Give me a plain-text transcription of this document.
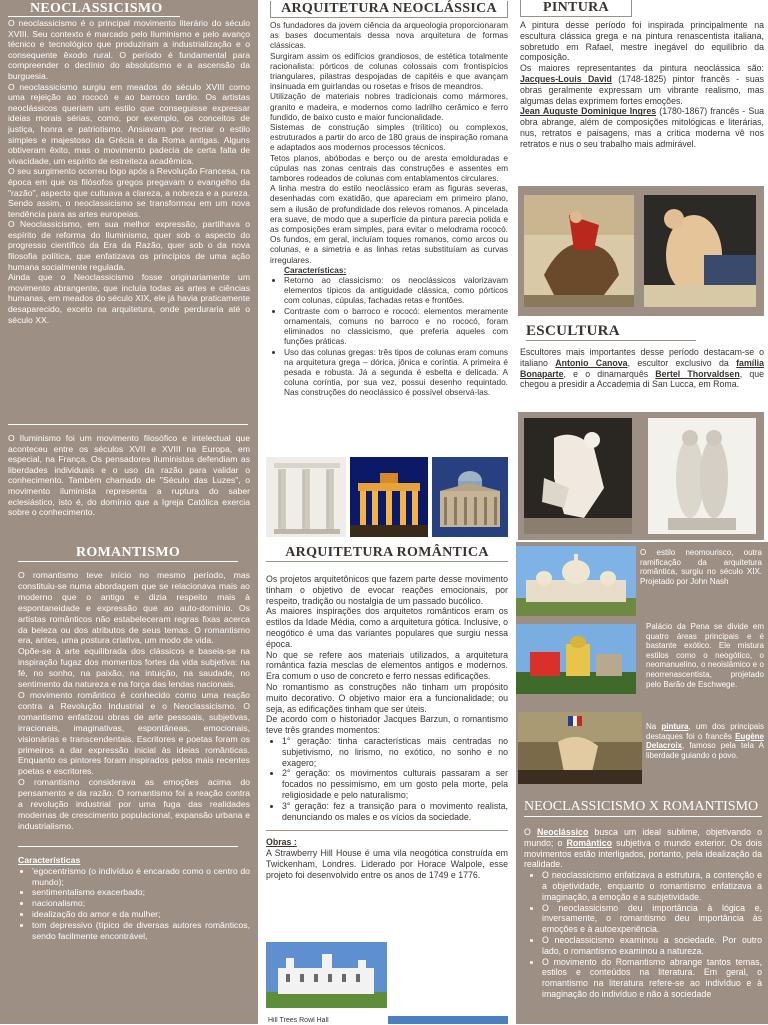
NEOCLASSICISMO

O neoclassicismo é o principal movimento literário do século XVIII. Seu contexto é marcado pelo Iluminismo e pelo avanço técnico e tecnológico que produziram a industrialização e o consequente êxodo rural. O período é fundamental para compreender o declínio do absolutismo e a ascensão da burguesia.

O neoclassicismo surgiu em meados do século XVIII como uma rejeição ao rococó e ao barroco tardio. Os artistas neoclássicos queriam um estilo que conseguisse expressar ideias morais sérias, como, por exemplo, os conceitos de justiça, honra e patriotismo. Ansiavam por recriar o estilo simples e majestoso da Grécia e da Roma antigas. Alguns obtiveram êxito, mas o movimento padecia de certa falta de vivacidade, um espírito de estreiteza acadêmica.

O seu surgimento ocorreu logo após a Revolução Francesa, na época em que os filósofos gregos pregavam o evangelho da "razão", aspecto que cultuava a clareza, a nobreza e a pureza. Sendo assim, o neoclassicismo se transformou em um nova tendência para as artes europeias.

O Neoclassicismo, em sua melhor expressão, partilhava o espírito de reforma do Iluminismo, quer sob o aspecto do progresso científico da Era da Razão, quer sob o da nova filosofia política, que enfatizava os princípios de uma ação humana socialmente regulada.

Ainda que o Neoclassicismo fosse originariamente um movimento abrangente, que incluía todas as artes e ciências humanas, em meados do século XIX, ele já havia praticamente desaparecido, exceto na arquitetura, onde perduraria até o século XX.

O Iluminismo foi um movimento filosófico e intelectual que aconteceu entre os séculos XVII e XVIII na Europa, em especial, na França. Os pensadores iluministas defendiam as liberdades individuais e o uso da razão para validar o conhecimento. Também chamado de "Século das Luzes", o movimento iluminista representa a ruptura do saber eclesiástico, isto é, do domínio que a Igreja Católica exercia sobre o conhecimento.

ARQUITETURA NEOCLÁSSICA

Os fundadores da jovem ciência da arqueologia proporcionaram as bases documentais dessa nova arquitetura de formas clássicas.

Surgiram assim os edifícios grandiosos, de estética totalmente racionalista: pórticos de colunas colossais com frontispícios triangulares, pilastras despojadas de capitéis e que avançam insinuada em guirlandas ou rosetas e frisos de meandros.

Utilização de materiais nobres tradicionais como mármores, granito e madeira, e modernos como ladrilho cerâmico e ferro fundido, de baixo custo e maior funcionalidade.

Sistemas de construção simples (trílitico) ou complexos, estruturados a partir do arco de 180 graus de inspiração romana e adaptados aos modernos processos técnicos.

Tetos planos, abóbodas e berço ou de aresta emolduradas e cúpulas nas zonas centrais das construções e assentes em tambores rodeados de colunas com entablamentos circulares.

A linha mestra do estilo neoclássico eram as figuras severas, desenhadas com exatidão, que apareciam em primeiro plano, sem a ilusão de profundidade dos relevos romanos. A pincelada era suave, de modo que a superfície da pintura parecia polida e as composições eram simples, para evitar o melodrama rococó. Os fundos, em geral, incluíam toques romanos, como arcos ou colunas, e a simetria e as linhas retas substituíam as curvas irregulares.

Características:

• Retorno ao classicismo: os neoclássicos valorizavam elementos típicos da antiguidade clássica, como pórticos com colunas, cúpulas, fachadas retas e frontões.
• Contraste com o barroco e rococó: elementos meramente ornamentais, comuns no barroco e no rococó, foram eliminados no classicismo, que preferia aqueles com funções práticas.
• Uso das colunas gregas: três tipos de colunas eram comuns na arquitetura grega – dórica, jônica e coríntia. A primeira é pesada e robusta. Já a segunda é esbelta e delicada. A coluna coríntia, por sua vez, possui desenho requintado. Nas construções do neoclássico é possível observá-las.
PINTURA

A pintura desse período foi inspirada principalmente na escultura clássica grega e na pintura renascentista italiana, sobretudo em Rafael, mestre inegável do equilíbrio da composição.

Os maiores representantes da pintura neoclássica são: Jacques-Louis David (1748-1825) pintor francês - suas obras geralmente expressam um vibrante realismo, mas algumas delas exprimem fortes emoções.

Jean Auguste Dominique Ingres (1780-1867) francês - Sua obra abrange, além de composições mitológicas e literárias, nus, retratos e paisagens, mas a crítica moderna vê nos retratos e nus o seu trabalho mais admirável.

ESCULTURA

Escultores mais importantes desse período destacam-se o italiano Antonio Canova, escultor exclusivo da família Bonaparte, e o dinamarquês Bertel Thorvaldsen, que chegou a presidir a Accademia di San Lucca, em Roma.

ROMANTISMO

O romantismo teve início no mesmo período, mas constituiu-se numa abordagem que se relacionava mais ao moderno que o antigo e dizia respeito mais à espontaneidade e expressão que ao auto-domínio. Os artistas românticos não estabeleceram regras fixas acerca da beleza ou dos atributos de seus temas. O romantismo era, antes, uma postura criativa, um modo de vida.

Opõe-se à arte equilibrada dos clássicos e baseia-se na inspiração fugaz dos momentos fortes da vida subjetiva: na fé, no sonho, na paixão, na intuição, na saudade, no sentimento da natureza e na força das lendas nacionais.

O movimento romântico é conhecido como uma reação contra a Revolução Industrial e o Neoclassicismo. O romantismo enfatizou obras de arte pessoais, subjetivas, irracionais, imaginativas, espontâneas, emocionais, visionárias e transcendentais. Escritores e poetas foram os primeiros a dar expressão inicial às ideias românticas. Enquanto os pintores foram inspirados pelos mais recentes poetas e escritores.

O romantismo considerava as emoções acima do pensamento e da razão. O romantismo foi a reação contra a revolução industrial por uma fuga das realidades modernas de crescimento populacional, expansão urbana e industrialismo.

Características

• 'egocentrismo (o indivíduo é encarado como o centro do mundo);
• sentimentalismo exacerbado;
• nacionalismo;
• idealização do amor e da mulher;
• tom depressivo (típico de diversas autores românticos, sendo facilmente encontrável,
ARQUITETURA ROMÂNTICA

Os projetos arquitetônicos que fazem parte desse movimento tinham o objetivo de evocar reações emocionais, por respeito, tradição ou nostalgia de um passado bucólico.

As maiores inspirações dos arquitetos românticos eram os estilos da Idade Média, como a arquitetura gótica. Inclusive, o neogótico é uma das variantes populares que surgiu nessa época.

No que se refere aos materiais utilizados, a arquitetura romântica fazia mesclas de elementos antigos e modernos. Era comum o uso de concreto e ferro nessas edificações.

No romantismo as construções não tinham um propósito muito decorativo. O objetivo maior era a funcionalidade; ou seja, as edificações tinham que ser úteis.

De acordo com o historiador Jacques Barzun, o romantismo teve três grandes momentos:

• 1° geração: tinha características mais centradas no subjetivismo, no lirismo, no exótico, no sonho e no exagero;
• 2° geração: os movimentos culturais passaram a ser focados no pessimismo, em um gosto pela morte, pela religiosidade e pelo naturalismo;
• 3° geração: fez a transição para o movimento realista, denunciando os males e os vícios da sociedade.

Obras :

A Strawberry Hill House é uma vila neogótica construída em Twickenham, Londres. Liderado por Horace Walpole, esse projeto foi desenvolvido entre os anos de 1749 e 1776.

Hill Trees Rowl Hall

O estilo neomourisco, outra ramificação da arquitetura romântica, surgiu no século XIX. Projetado por John Nash

Palácio da Pena se divide em quatro áreas principais e é bastante exótico. Ele mistura estilos como o neogótico, o neomanuelino, o neoislâmico e o neorrenascentista, projetado pelo Barão de Eschwege.

Na pintura, um dos principais destaques foi o francês Eugène Delacroix, famoso pela tela A liberdade guiando o povo.

NEOCLASSICISMO X ROMANTISMO

O Neoclássico busca um ideal sublime, objetivando o mundo; o Romântico subjetiva o mundo exterior. Os dois movimentos estão interligados, portanto, pela idealização da realidade.

• O neoclassicismo enfatizava a estrutura, a contenção e a objetividade, enquanto o romantismo enfatizava a imaginação, a emoção e a subjetividade.
• O neoclassicismo deu importância à lógica e, inversamente, o romantismo deu importância às emoções e à autoexperiência.
• O neoclassicismo examinou a sociedade. Por outro lado, o romantismo examinou a natureza.
• O movimento do Romantismo abrange tantos temas, estilos e conteúdos na literatura. Em geral, o romantismo na literatura refere-se ao indivíduo e à imaginação do indivíduo e não à sociedade
